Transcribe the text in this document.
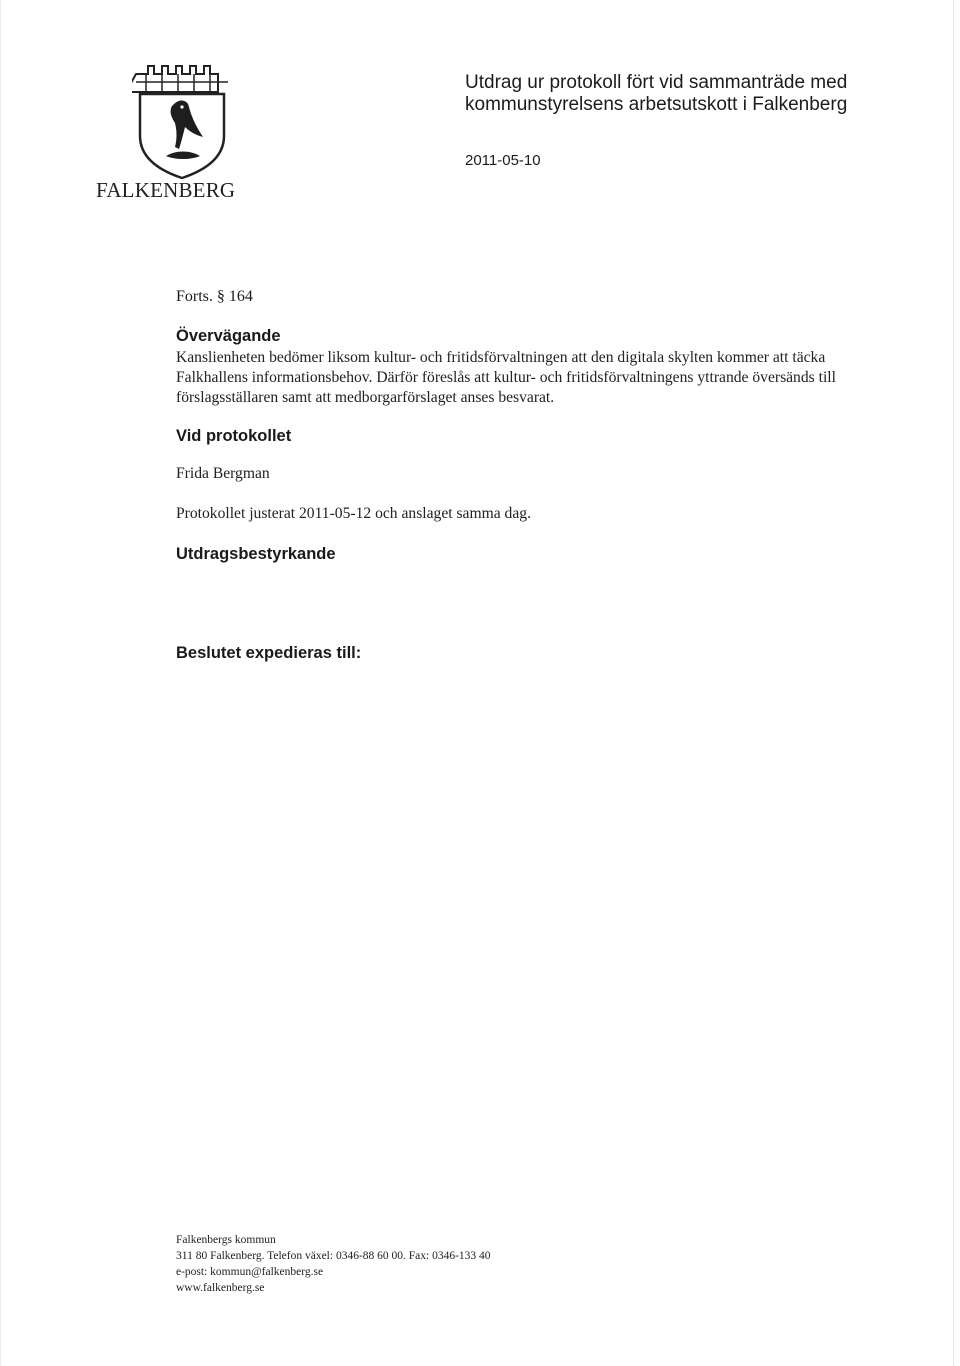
FALKENBERG
Utdrag ur protokoll fört vid sammanträde med
kommunstyrelsens arbetsutskott i Falkenberg
2011-05-10
Forts. § 164
Övervägande
Kanslienheten bedömer liksom kultur- och fritidsförvaltningen att den digitala skylten kommer att täcka Falkhallens informationsbehov. Därför föreslås att kultur- och fritidsförvaltningens yttrande översänds till förslagsställaren samt att medborgarförslaget anses besvarat.
Vid protokollet
Frida Bergman
Protokollet justerat 2011-05-12 och anslaget samma dag.
Utdragsbestyrkande
Beslutet expedieras till:
Falkenbergs kommun
311 80 Falkenberg. Telefon växel: 0346-88 60 00. Fax: 0346-133 40
e-post: kommun@falkenberg.se
www.falkenberg.se
